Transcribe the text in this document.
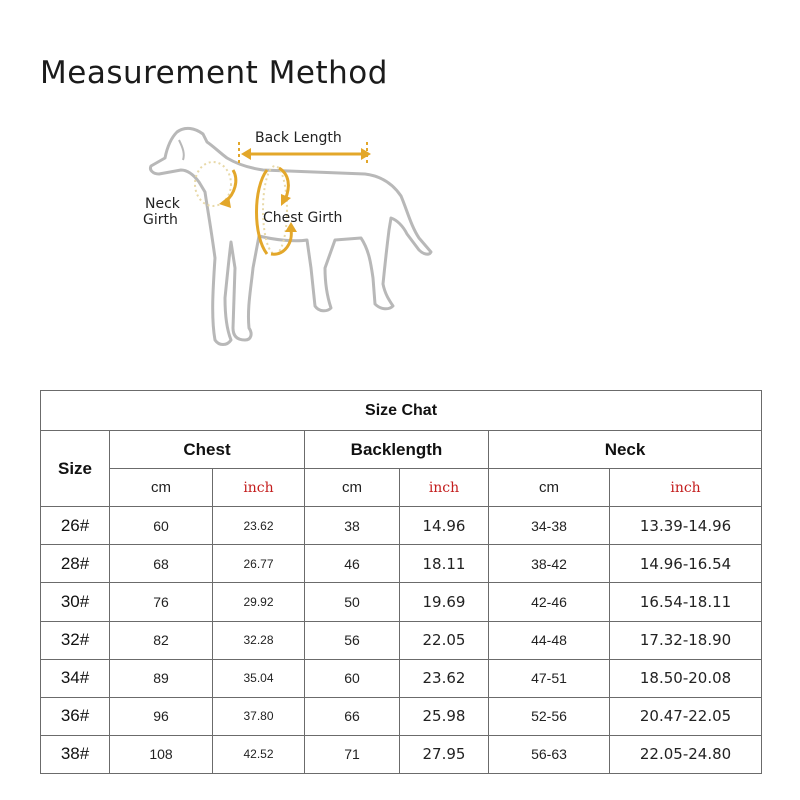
Measurement Method
Back Length
Neck
Girth	Chest Girth
Size Chat						
Size	Chest		Backlength		Neck	
	cm	inch	cm	inch	cm	inch
26#	60	23.62	38	14.96	34-38	13.39-14.96
28#	68	26.77	46	18.11	38-42	14.96-16.54
30#	76	29.92	50	19.69	42-46	16.54-18.11
32#	82	32.28	56	22.05	44-48	17.32-18.90
34#	89	35.04	60	23.62	47-51	18.50-20.08
36#	96	37.80	66	25.98	52-56	20.47-22.05
38#	108	42.52	71	27.95	56-63	22.05-24.80
